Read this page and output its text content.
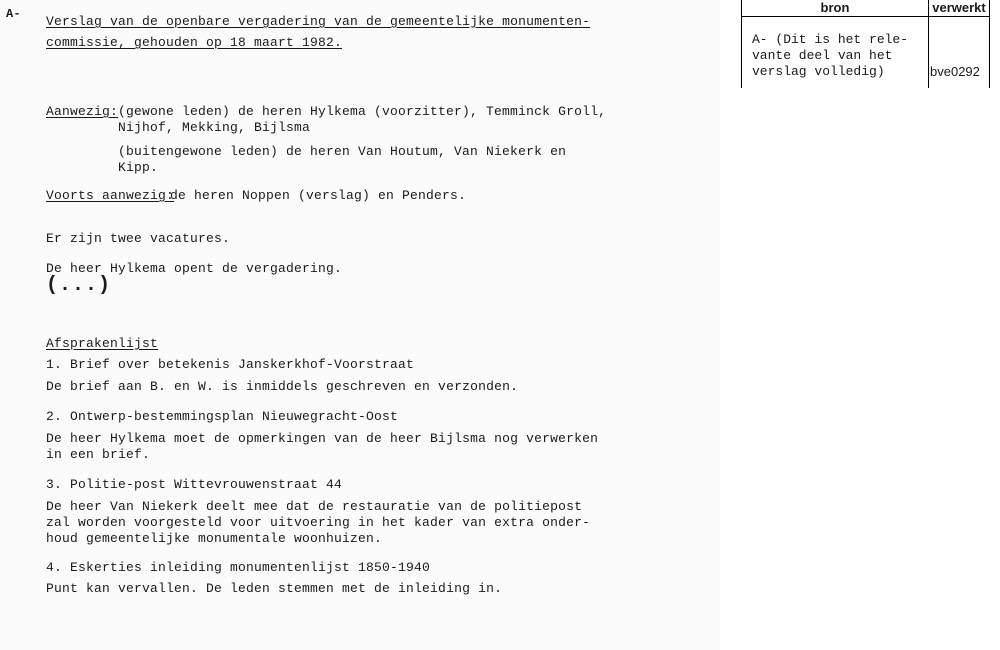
A- Verslag van de openbare vergadering van de gemeentelijke monumenten-
commissie, gehouden op 18 maart 1982.
Aanwezig: (gewone leden) de heren Hylkema (voorzitter), Temminck Groll,
Nijhof, Mekking, Bijlsma
(buitengewone leden) de heren Van Houtum, Van Niekerk en
Kipp.
Voorts aanwezig:
de heren Noppen (verslag) en Penders.
Er zijn twee vacatures.
De heer Hylkema opent de vergadering.
(...)
Afsprakenlijst
1. Brief over betekenis Janskerkhof-Voorstraat
De brief aan B. en W. is inmiddels geschreven en verzonden.
2. Ontwerp-bestemmingsplan Nieuwegracht-Oost
De heer Hylkema moet de opmerkingen van de heer Bijlsma nog verwerken
in een brief.
3. Politie-post Wittevrouwenstraat 44
De heer Van Niekerk deelt mee dat de restauratie van de politiepost
zal worden voorgesteld voor uitvoering in het kader van extra onder-
houd gemeentelijke monumentale woonhuizen.
4. Eskerties inleiding monumentenlijst 1850-1940
Punt kan vervallen. De leden stemmen met de inleiding in.
bron	verwerkt
A- (Dit is het rele-
vante deel van het
verslag volledig)	bve0292
